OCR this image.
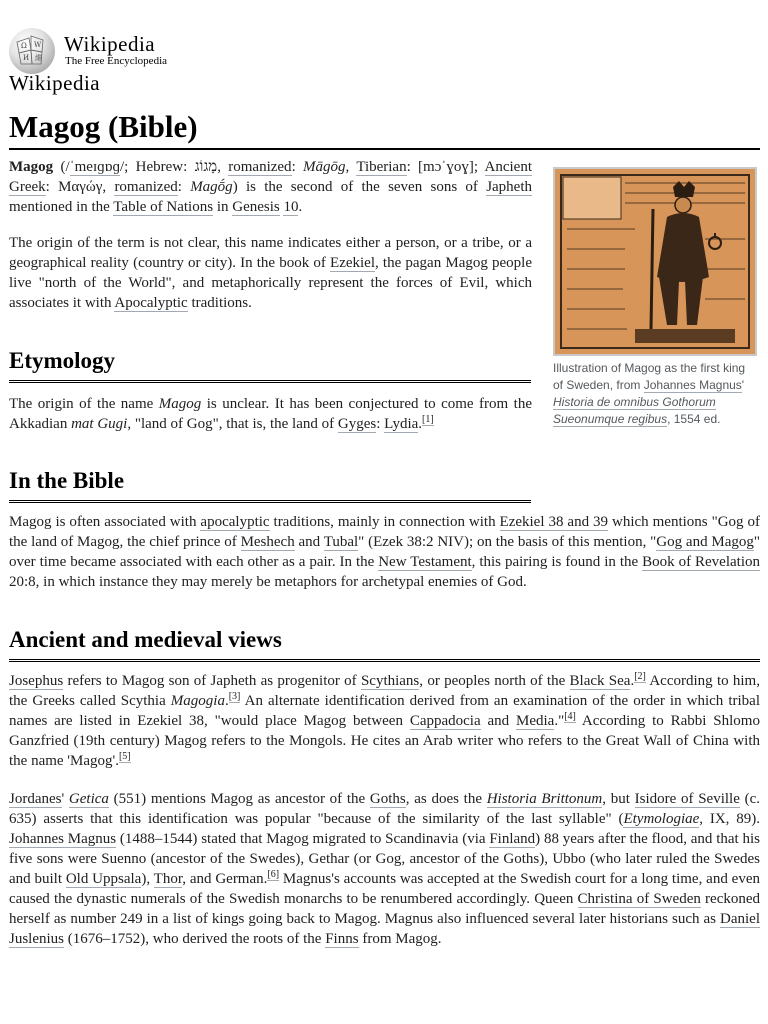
Ω W
И 維
Wikipedia
The Free Encyclopedia
Wikipedia
Magog (Bible)

Magog (/ˈmeɪɡɒɡ/; Hebrew: מָגוֹג, romanized: Māgōg, Tiberian: [mɔˈɣoɣ]; Ancient Greek: Μαγώγ, romanized: Magṓg) is the second of the seven sons of Japheth mentioned in the Table of Nations in Genesis 10.

The origin of the term is not clear, this name indicates either a person, or a tribe, or a geographical reality (country or city). In the book of Ezekiel, the pagan Magog people live "north of the World", and metaphorically represent the forces of Evil, which associates it with Apocalyptic traditions.

Illustration of Magog as the first king of Sweden, from Johannes Magnus' Historia de omnibus Gothorum Sueonumque regibus, 1554 ed.
Etymology

The origin of the name Magog is unclear. It has been conjectured to come from the Akkadian mat Gugi, "land of Gog", that is, the land of Gyges: Lydia.[1]

In the Bible

Magog is often associated with apocalyptic traditions, mainly in connection with Ezekiel 38 and 39 which mentions "Gog of the land of Magog, the chief prince of Meshech and Tubal" (Ezek 38:2 NIV); on the basis of this mention, "Gog and Magog" over time became associated with each other as a pair. In the New Testament, this pairing is found in the Book of Revelation 20:8, in which instance they may merely be metaphors for archetypal enemies of God.

Ancient and medieval views

Josephus refers to Magog son of Japheth as progenitor of Scythians, or peoples north of the Black Sea.[2] According to him, the Greeks called Scythia Magogia.[3] An alternate identification derived from an examination of the order in which tribal names are listed in Ezekiel 38, "would place Magog between Cappadocia and Media."[4] According to Rabbi Shlomo Ganzfried (19th century) Magog refers to the Mongols. He cites an Arab writer who refers to the Great Wall of China with the name 'Magog'.[5]

Jordanes' Getica (551) mentions Magog as ancestor of the Goths, as does the Historia Brittonum, but Isidore of Seville (c. 635) asserts that this identification was popular "because of the similarity of the last syllable" (Etymologiae, IX, 89). Johannes Magnus (1488–1544) stated that Magog migrated to Scandinavia (via Finland) 88 years after the flood, and that his five sons were Suenno (ancestor of the Swedes), Gethar (or Gog, ancestor of the Goths), Ubbo (who later ruled the Swedes and built Old Uppsala), Thor, and German.[6] Magnus's accounts was accepted at the Swedish court for a long time, and even caused the dynastic numerals of the Swedish monarchs to be renumbered accordingly. Queen Christina of Sweden reckoned herself as number 249 in a list of kings going back to Magog. Magnus also influenced several later historians such as Daniel Juslenius (1676–1752), who derived the roots of the Finns from Magog.
